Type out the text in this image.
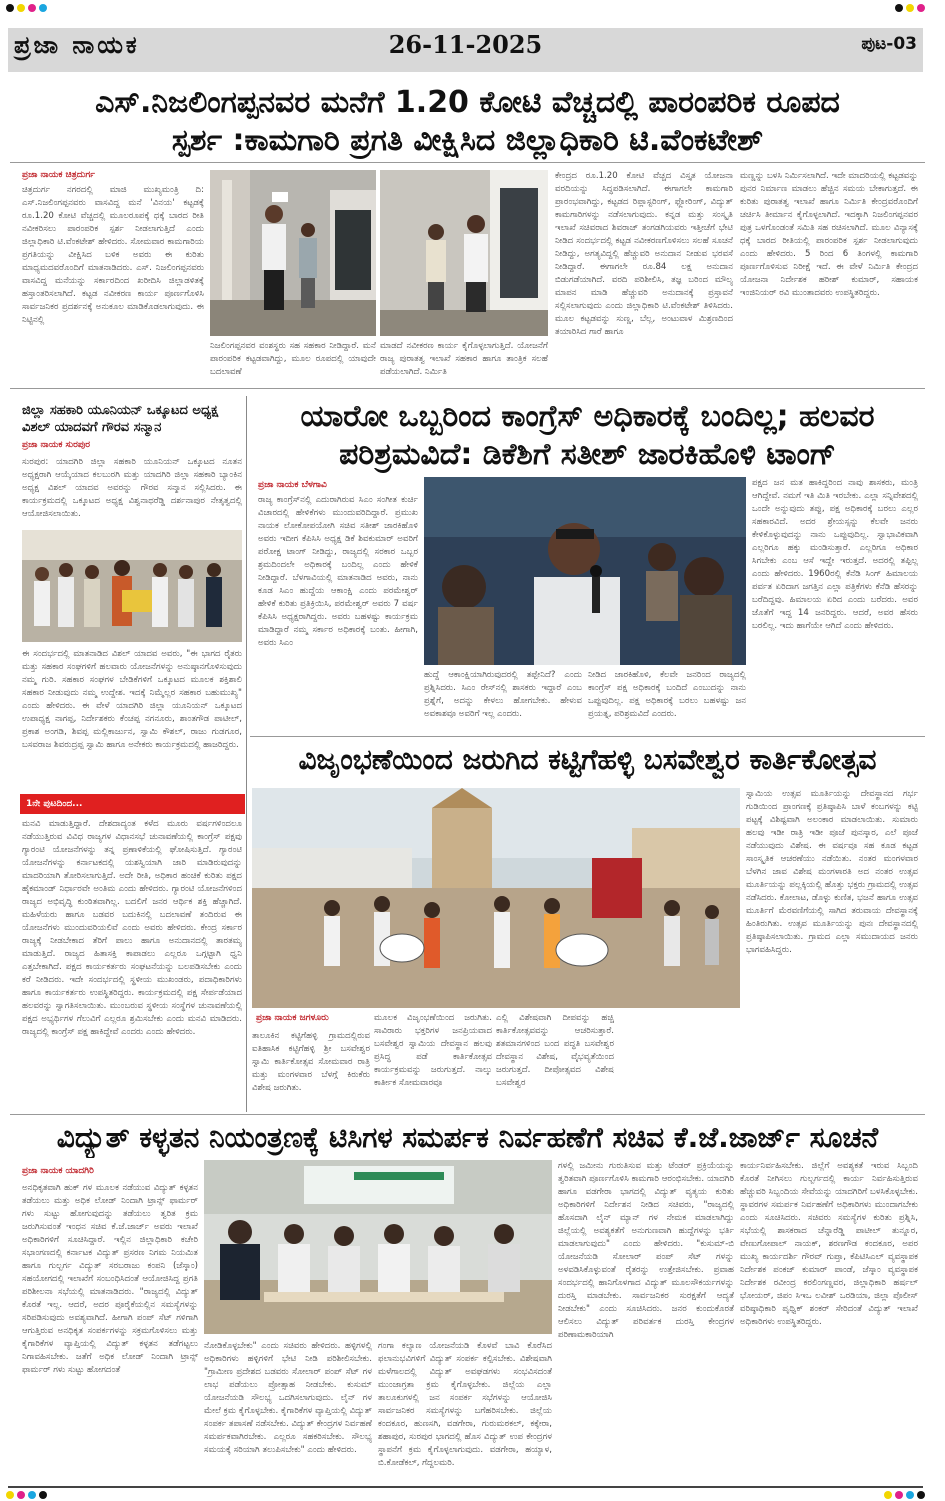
ಪ್ರಜಾ ನಾಯಕ	26-11-2025	ಪುಟ-03
ಎಸ್.ನಿಜಲಿಂಗಪ್ಪನವರ ಮನೆಗೆ 1.20 ಕೋಟಿ ವೆಚ್ಚದಲ್ಲಿ ಪಾರಂಪರಿಕ ರೂಪದ
ಸ್ಪರ್ಶ :ಕಾಮಗಾರಿ ಪ್ರಗತಿ ವೀಕ್ಷಿಸಿದ ಜಿಲ್ಲಾಧಿಕಾರಿ ಟಿ.ವೆಂಕಟೇಶ್
ಪ್ರಜಾ ನಾಯಕ ಚಿತ್ರದುರ್ಗ
ಚಿತ್ರದುರ್ಗ ನಗರದಲ್ಲಿ ಮಾಜಿ ಮುಖ್ಯಮಂತ್ರಿ ದಿ: ಎಸ್.ನಿಜಲಿಂಗಪ್ಪನವರು ವಾಸವಿದ್ದ ಮನೆ 'ವಿನಯ' ಕಟ್ಟಡಕ್ಕೆ ರೂ.1.20 ಕೋಟಿ ವೆಚ್ಚದಲ್ಲಿ ಮೂಲರೂಪಕ್ಕೆ ಧಕ್ಕೆ ಬಾರದ ರೀತಿ ನವೀಕರಿಸಲು ಪಾರಂಪರಿಕ ಸ್ಪರ್ಶ ನೀಡಲಾಗುತ್ತಿದೆ ಎಂದು ಜಿಲ್ಲಾಧಿಕಾರಿ ಟಿ.ವೆಂಕಟೇಶ್ ಹೇಳಿದರು. ಸೋಮವಾರ ಕಾಮಗಾರಿಯ ಪ್ರಗತಿಯನ್ನು ವೀಕ್ಷಿಸಿದ ಬಳಿಕ ಅವರು ಈ ಕುರಿತು ಮಾಧ್ಯಮದವರೊಂದಿಗೆ ಮಾತನಾಡಿದರು. ಎಸ್. ನಿಜಲಿಂಗಪ್ಪನವರು ವಾಸವಿದ್ದ ಮನೆಯನ್ನು ಸರ್ಕಾರದಿಂದ ಖರೀದಿಸಿ ಜಿಲ್ಲಾಡಳಿತಕ್ಕೆ ಹಸ್ತಾಂತರಿಸಲಾಗಿದೆ. ಕಟ್ಟಡ ನವೀಕರಣ ಕಾರ್ಯ ಪೂರ್ಣಗೊಳಿಸಿ ಸಾರ್ವಜನಿಕರ ಪ್ರದರ್ಶನಕ್ಕೆ ಅನುಕೂಲ ಮಾಡಿಕೊಡಲಾಗುವುದು. ಈ ನಿಟ್ಟಿನಲ್ಲಿ
ನಿಜಲಿಂಗಪ್ಪನವರ ವಂಶಸ್ಥರು ಸಹ ಸಹಕಾರ ನೀಡಿದ್ದಾರೆ. ಮನೆ ಪಾರಂಪರಿಕ ಕಟ್ಟಡವಾಗಿದ್ದು, ಮೂಲ ರೂಪದಲ್ಲಿ ಯಾವುದೇ ಬದಲಾವಣೆ
ಮಾಡದೆ ನವೀಕರಣ ಕಾರ್ಯ ಕೈಗೊಳ್ಳಲಾಗುತ್ತಿದೆ. ಯೋಜನೆಗೆ ರಾಜ್ಯ ಪುರಾತತ್ವ ಇಲಾಖೆ ಸಹಕಾರ ಹಾಗೂ ತಾಂತ್ರಿಕ ಸಲಹೆ ಪಡೆಯಲಾಗಿದೆ. ನಿರ್ಮಿತಿ
ಕೇಂದ್ರದ ರೂ.1.20 ಕೋಟಿ ವೆಚ್ಚದ ವಿಸ್ತೃತ ಯೋಜನಾ ವರದಿಯನ್ನು ಸಿದ್ಧಪಡಿಸಲಾಗಿದೆ. ಈಗಾಗಲೇ ಕಾಮಗಾರಿ ಪ್ರಾರಂಭವಾಗಿದ್ದು, ಕಟ್ಟಡದ ರಿಪ್ಲಾಸ್ಟರಿಂಗ್, ಫ್ಲೋರಿಂಗ್, ವಿದ್ಯುತ್ ಕಾಮಗಾರಿಗಳನ್ನು ನಡೆಸಲಾಗುವುದು. ಕನ್ನಡ ಮತ್ತು ಸಂಸ್ಕೃತಿ ಇಲಾಖೆ ಸಚಿವರಾದ ಶಿವರಾಜ್ ತಂಗಡಗಿಯವರು ಇತ್ತೀಚೆಗೆ ಭೇಟಿ ನೀಡಿದ ಸಂದರ್ಭದಲ್ಲಿ ಕಟ್ಟಡ ನವೀಕರಣಗೊಳಿಸಲು ಸಲಹೆ ಸೂಚನೆ ನೀಡಿದ್ದು, ಅಗತ್ಯವಿದ್ದಲ್ಲಿ ಹೆಚ್ಚುವರಿ ಅನುದಾನ ನೀಡುವ ಭರವಸೆ ನೀಡಿದ್ದಾರೆ. ಈಗಾಗಲೇ ರೂ.84 ಲಕ್ಷ ಅನುದಾನ ಬಿಡುಗಡೆಯಾಗಿದೆ. ವರದಿ ಪರಿಶೀಲಿಸಿ, ತಜ್ಞ ಬರಿಂದ ಮೌಲ್ಯ ಮಾಪನ ಮಾಡಿ ಹೆಚ್ಚುವರಿ ಅನುದಾನಕ್ಕೆ ಪ್ರಸ್ತಾವನೆ ಸಲ್ಲಿಸಲಾಗುವುದು ಎಂದು ಜಿಲ್ಲಾಧಿಕಾರಿ ಟಿ.ವೆಂಕಟೇಶ್ ತಿಳಿಸಿದರು. ಮೂಲ ಕಟ್ಟಡವನ್ನು ಸುಣ್ಣ, ಬೆಲ್ಲ, ಅಂಟುವಾಳ ಮಿಶ್ರಣದಿಂದ ತಯಾರಿಸಿದ ಗಾರೆ ಹಾಗೂ
ಮಣ್ಣನ್ನು ಬಳಸಿ ನಿರ್ಮಿಸಲಾಗಿದೆ. ಇದೇ ಮಾದರಿಯಲ್ಲಿ ಕಟ್ಟಡವನ್ನು ಪುನರ ನಿರ್ಮಾಣ ಮಾಡಲು ಹೆಚ್ಚಿನ ಸಮಯ ಬೇಕಾಗುತ್ತದೆ. ಈ ಕುರಿತು ಪುರಾತತ್ವ ಇಲಾಖೆ ಹಾಗೂ ನಿರ್ಮಿತಿ ಕೇಂದ್ರವರೊಂದಿಗೆ ಚರ್ಚಿಸಿ ತೀರ್ಮಾನ ಕೈಗೊಳ್ಳಲಾಗಿದೆ. ಇದಕ್ಕಾಗಿ ನಿಜಲಿಂಗಪ್ಪನವರ ಪುತ್ರ ಒಳಗೊಂಡಂತೆ ಸಮಿತಿ ಸಹ ರಚಿಸಲಾಗಿದೆ. ಮೂಲ ವಿನ್ಯಾಸಕ್ಕೆ ಧಕ್ಕೆ ಬಾರದ ರೀತಿಯಲ್ಲಿ ಪಾರಂಪರಿಕ ಸ್ಪರ್ಶ ನೀಡಲಾಗುವುದು ಎಂದು ಹೇಳಿದರು. 5 ರಿಂದ 6 ತಿಂಗಳಲ್ಲಿ ಕಾಮಗಾರಿ ಪೂರ್ಣಗೊಳಿಸುವ ನಿರೀಕ್ಷೆ ಇದೆ. ಈ ವೇಳೆ ನಿರ್ಮಿತಿ ಕೇಂದ್ರದ ಯೋಜನಾ ನಿರ್ದೇಶಕ ಹರೀಶ್ ಕುಮಾರ್, ಸಹಾಯಕ ಇಂಜಿನಿಯರ್ ರವಿ ಮುಂತಾದವರು ಉಪಸ್ಥಿತರಿದ್ದರು.
ಜಿಲ್ಲಾ ಸಹಕಾರಿ ಯೂನಿಯನ್ ಒಕ್ಕೂಟದ ಅಧ್ಯಕ್ಷ ವಿಶಲ್ ಯಾದವಗೆ ಗೌರವ ಸನ್ಮಾನ
ಪ್ರಜಾ ನಾಯಕ ಸುರಪುರ
ಸುರಪುರ: ಯಾದಗಿರಿ ಜಿಲ್ಲಾ ಸಹಕಾರಿ ಯೂನಿಯನ್ ಒಕ್ಕೂಟದ ನೂತನ ಅಧ್ಯಕ್ಷರಾಗಿ ಆಯ್ಕೆಯಾದ ಕಲಬುರಗಿ ಮತ್ತು ಯಾದಗಿರಿ ಜಿಲ್ಲಾ ಸಹಕಾರಿ ಬ್ಯಾಂಕಿನ ಅಧ್ಯಕ್ಷ ವಿಶಲ್ ಯಾದವ ಅವರನ್ನು ಗೌರವ ಸನ್ಮಾನ ಸಲ್ಲಿಸಿದರು. ಈ ಕಾರ್ಯಕ್ರಮದಲ್ಲಿ ಒಕ್ಕೂಟದ ಅಧ್ಯಕ್ಷ ವಿಶ್ವನಾಥರೆಡ್ಡಿ ದರ್ಶನಾಪುರ ನೇತೃತ್ವದಲ್ಲಿ ಆಯೋಜಿಸಲಾಯಿತು.
ಈ ಸಂದರ್ಭದಲ್ಲಿ ಮಾತನಾಡಿದ ವಿಶಲ್ ಯಾದವ ಅವರು, "ಈ ಭಾಗದ ರೈತರು ಮತ್ತು ಸಹಕಾರ ಸಂಘಗಳಿಗೆ ಹಲವಾರು ಯೋಜನೆಗಳನ್ನು ಅನುಷ್ಠಾನಗೊಳಿಸುವುದು ನಮ್ಮ ಗುರಿ. ಸಹಕಾರ ಸಂಘಗಳ ಬೇಡಿಕೆಗಳಿಗೆ ಒಕ್ಕೂಟದ ಮೂಲಕ ಶಕ್ತಿಶಾಲಿ ಸಹಕಾರ ನೀಡುವುದು ನಮ್ಮ ಉದ್ದೇಶ. ಇದಕ್ಕೆ ನಿಮ್ಮೆಲ್ಲರ ಸಹಕಾರ ಬಹುಮುಖ್ಯ" ಎಂದು ಹೇಳಿದರು. ಈ ವೇಳೆ ಯಾದಗಿರಿ ಜಿಲ್ಲಾ ಯೂನಿಯನ್ ಒಕ್ಕೂಟದ ಉಪಾಧ್ಯಕ್ಷ ನಾಗಪ್ಪ, ನಿರ್ದೇಶಕರು ಕೆಂಚಪ್ಪ ನಗನೂರು, ಶಾಂತಗೌಡ ಪಾಟೀಲ್, ಪ್ರಕಾಶ ಅಂಗಡಿ, ಶಿವಪ್ಪ ಮಲ್ಲಿಕಾರ್ಜುನ, ಸ್ವಾಮಿ ಕೌಶಲ್, ರಾಜು ಗುಡಗೂರ, ಬಸವರಾಜ ಶಿವರುದ್ರಪ್ಪ ಸ್ವಾಮಿ ಹಾಗೂ ಅನೇಕರು ಕಾರ್ಯಕ್ರಮದಲ್ಲಿ ಹಾಜರಿದ್ದರು.
1ನೇ ಪುಟದಿಂದ...
ಮನವಿ ಮಾಡುತ್ತಿದ್ದಾರೆ. ದೇಶದಾದ್ಯಂತ ಕಳೆದ ಮೂರು ವರ್ಷಗಳಿಂದಲೂ ನಡೆಯುತ್ತಿರುವ ವಿವಿಧ ರಾಜ್ಯಗಳ ವಿಧಾನಸಭೆ ಚುನಾವಣೆಯಲ್ಲಿ ಕಾಂಗ್ರೆಸ್ ಪಕ್ಷವು ಗ್ಯಾರಂಟಿ ಯೋಜನೆಗಳನ್ನು ತನ್ನ ಪ್ರಣಾಳಿಕೆಯಲ್ಲಿ ಘೋಷಿಸುತ್ತಿದೆ. ಗ್ಯಾರಂಟಿ ಯೋಜನೆಗಳನ್ನು ಕರ್ನಾಟಕದಲ್ಲಿ ಯಶಸ್ವಿಯಾಗಿ ಜಾರಿ ಮಾಡಿರುವುದನ್ನು ಮಾದರಿಯಾಗಿ ತೋರಿಸಲಾಗುತ್ತಿದೆ. ಅದೇ ರೀತಿ, ಅಧಿಕಾರ ಹಂಚಿಕೆ ಕುರಿತು ಪಕ್ಷದ ಹೈಕಮಾಂಡ್ ನಿರ್ಧಾರವೇ ಅಂತಿಮ ಎಂದು ಹೇಳಿದರು. ಗ್ಯಾರಂಟಿ ಯೋಜನೆಗಳಿಂದ ರಾಜ್ಯದ ಅಭಿವೃದ್ಧಿ ಕುಂಠಿತವಾಗಿಲ್ಲ. ಬದಲಿಗೆ ಜನರ ಆರ್ಥಿಕ ಶಕ್ತಿ ಹೆಚ್ಚಾಗಿದೆ. ಮಹಿಳೆಯರು ಹಾಗೂ ಬಡವರ ಬದುಕಿನಲ್ಲಿ ಬದಲಾವಣೆ ತಂದಿರುವ ಈ ಯೋಜನೆಗಳು ಮುಂದುವರಿಯಲಿವೆ ಎಂದು ಅವರು ಹೇಳಿದರು. ಕೇಂದ್ರ ಸರ್ಕಾರ ರಾಜ್ಯಕ್ಕೆ ನೀಡಬೇಕಾದ ತೆರಿಗೆ ಪಾಲು ಹಾಗೂ ಅನುದಾನದಲ್ಲಿ ತಾರತಮ್ಯ ಮಾಡುತ್ತಿದೆ. ರಾಜ್ಯದ ಹಿತಾಸಕ್ತಿ ಕಾಪಾಡಲು ಎಲ್ಲರೂ ಒಗ್ಗಟ್ಟಾಗಿ ಧ್ವನಿ ಎತ್ತಬೇಕಾಗಿದೆ. ಪಕ್ಷದ ಕಾರ್ಯಕರ್ತರು ಸಂಘಟನೆಯನ್ನು ಬಲಪಡಿಸಬೇಕು ಎಂದು ಕರೆ ನೀಡಿದರು. ಇದೇ ಸಂದರ್ಭದಲ್ಲಿ ಸ್ಥಳೀಯ ಮುಖಂಡರು, ಪದಾಧಿಕಾರಿಗಳು ಹಾಗೂ ಕಾರ್ಯಕರ್ತರು ಉಪಸ್ಥಿತರಿದ್ದರು. ಕಾರ್ಯಕ್ರಮದಲ್ಲಿ ಪಕ್ಷ ಸೇರ್ಪಡೆಯಾದ ಹಲವರನ್ನು ಸ್ವಾಗತಿಸಲಾಯಿತು. ಮುಂಬರುವ ಸ್ಥಳೀಯ ಸಂಸ್ಥೆಗಳ ಚುನಾವಣೆಯಲ್ಲಿ ಪಕ್ಷದ ಅಭ್ಯರ್ಥಿಗಳ ಗೆಲುವಿಗೆ ಎಲ್ಲರೂ ಶ್ರಮಿಸಬೇಕು ಎಂದು ಮನವಿ ಮಾಡಿದರು. ರಾಜ್ಯದಲ್ಲಿ ಕಾಂಗ್ರೆಸ್ ಪಕ್ಷ ಹಾಕಿದ್ದೇವೆ ಎಂದರು ಎಂದು ಹೇಳಿದರು.
ಯಾರೋ ಒಬ್ಬರಿಂದ ಕಾಂಗ್ರೆಸ್ ಅಧಿಕಾರಕ್ಕೆ ಬಂದಿಲ್ಲ; ಹಲವರ
ಪರಿಶ್ರಮವಿದೆ: ಡಿಕೆಶಿಗೆ ಸತೀಶ್ ಜಾರಕಿಹೊಳಿ ಟಾಂಗ್
ಪ್ರಜಾ ನಾಯಕ ಬೆಳಗಾವಿ
ರಾಜ್ಯ ಕಾಂಗ್ರೆಸ್‌ನಲ್ಲಿ ಎದುರಾಗಿರುವ ಸಿಎಂ ಸಂಗೀತ ಕುರ್ಚಿ ವಿಚಾರದಲ್ಲಿ ಹೇಳಿಕೆಗಳು ಮುಂದುವರಿದಿದ್ದಾರೆ. ಪ್ರಮುಖ ನಾಯಕ ಲೋಕೋಪಯೋಗಿ ಸಚಿವ ಸತೀಶ್ ಜಾರಕಿಹೊಳಿ ಅವರು ಇದೀಗ ಕೆಪಿಸಿಸಿ ಅಧ್ಯಕ್ಷ ಡಿಕೆ ಶಿವಕುಮಾರ್ ಅವರಿಗೆ ಪರೋಕ್ಷ ಟಾಂಗ್ ನೀಡಿದ್ದು, ರಾಜ್ಯದಲ್ಲಿ ಸರಕಾರ ಒಬ್ಬರ ಶ್ರಮದಿಂದಲೇ ಅಧಿಕಾರಕ್ಕೆ ಬಂದಿಲ್ಲ ಎಂದು ಹೇಳಿಕೆ ನೀಡಿದ್ದಾರೆ. ಬೆಳಗಾವಿಯಲ್ಲಿ ಮಾತನಾಡಿದ ಅವರು, ನಾನು ಕೂಡ ಸಿಎಂ ಹುದ್ದೆಯ ಆಕಾಂಕ್ಷಿ ಎಂದು ಪರಮೇಶ್ವರ್ ಹೇಳಿಕೆ ಕುರಿತು ಪ್ರತಿಕ್ರಿಯಿಸಿ, ಪರಮೇಶ್ವರ್ ಅವರು 7 ವರ್ಷ ಕೆಪಿಸಿಸಿ ಅಧ್ಯಕ್ಷರಾಗಿದ್ದರು. ಅವರು ಬಹಳಷ್ಟು ಕಾರ್ಯಕ್ರಮ ಮಾಡಿದ್ದಾರೆ ನಮ್ಮ ಸರ್ಕಾರ ಅಧಿಕಾರಕ್ಕೆ ಬಂತು. ಹೀಗಾಗಿ, ಅವರು ಸಿಎಂ
ಹುದ್ದೆ ಆಕಾಂಕ್ಷಿಯಾಗಿರುವುದರಲ್ಲಿ ತಪ್ಪೇನಿದೆ? ಎಂದು ಪ್ರಶ್ನಿಸಿದರು. ಸಿಎಂ ರೇಸ್‌ನಲ್ಲಿ ಶಾಸಕರು ಇದ್ದಾರೆ ಎಂಬ ಪ್ರಶ್ನೆಗೆ, ಅದನ್ನು ಕೇಳಲು ಹೋಗಬೇಕು. ಹೇಳುವ ಅವಕಾಶವೂ ಅವರಿಗೆ ಇಲ್ಲ ಎಂದರು.
ನೀಡಿದ ಜಾರಕಿಹೊಳಿ, ಕೆಲವೇ ಜನರಿಂದ ರಾಜ್ಯದಲ್ಲಿ ಕಾಂಗ್ರೆಸ್ ಪಕ್ಷ ಅಧಿಕಾರಕ್ಕೆ ಬಂದಿದೆ ಎಂಬುದನ್ನು ನಾನು ಒಪ್ಪುವುದಿಲ್ಲ. ಪಕ್ಷ ಅಧಿಕಾರಕ್ಕೆ ಬರಲು ಬಹಳಷ್ಟು ಜನ ಪ್ರಯತ್ನ, ಪರಿಶ್ರಮವಿದೆ ಎಂದರು.
ಪಕ್ಷದ ಜನ ಮತ ಹಾಕಿದ್ದರಿಂದ ನಾವು ಶಾಸಕರು, ಮಂತ್ರಿ ಆಗಿದ್ದೇವೆ. ನಮಗೆ ಇತಿ ಮಿತಿ ಇರಬೇಕು. ಎಲ್ಲಾ ಸನ್ನಿವೇಶದಲ್ಲಿ ಒಂದೇ ಅನ್ನುವುದು ತಪ್ಪು, ಪಕ್ಷ ಅಧಿಕಾರಕ್ಕೆ ಬರಲು ಎಲ್ಲರ ಸಹಕಾರವಿದೆ. ಅದರ ಶ್ರೇಯಸ್ಸನ್ನು ಕೆಲವೇ ಜನರು ಕೇಳಿಕೊಳ್ಳುವುದನ್ನು ನಾನು ಒಪ್ಪುವುದಿಲ್ಲ. ಸ್ವಾಭಾವಿಕವಾಗಿ ಎಲ್ಲರಿಗೂ ಹಕ್ಕು ಮಂಡಿಸುತ್ತಾರೆ. ಎಲ್ಲರಿಗೂ ಅಧಿಕಾರ ಸಿಗಬೇಕು ಎಂಬ ಆಸೆ ಇದ್ದೇ ಇರುತ್ತದೆ. ಅದರಲ್ಲಿ ತಪ್ಪಿಲ್ಲ ಎಂದು ಹೇಳಿದರು. 1960ರಲ್ಲಿ ಕೆನೆಡಿ ಸಿಂಗ್ ಹಿಮಾಲಯ ಪರ್ವತ ಏರಿದಾಗ ಜಗತ್ತಿನ ಎಲ್ಲಾ ಪತ್ರಿಕೆಗಳು ಕೆನೆಡಿ ಹೆಸರನ್ನು ಬರೆದಿದ್ದವು. ಹಿಮಾಲಯ ಏರಿದ ಎಂದು ಬರೆದರು. ಅವರ ಜೊತೆಗೆ ಇದ್ದ 14 ಜನರಿದ್ದರು. ಆದರೆ, ಅವರ ಹೆಸರು ಬರಲಿಲ್ಲ. ಇದು ಹಾಗೆಯೇ ಆಗಿದೆ ಎಂದು ಹೇಳಿದರು.
ವಿಜೃಂಭಣೆಯಿಂದ ಜರುಗಿದ ಕಟ್ಟಿಗೆಹಳ್ಳಿ ಬಸವೇಶ್ವರ ಕಾರ್ತಿಕೋತ್ಸವ
ಪ್ರಜಾ ನಾಯಕ ಜಗಳೂರು
ತಾಲೂಕಿನ ಕಟ್ಟಿಗೆಹಳ್ಳಿ ಗ್ರಾಮದಲ್ಲಿರುವ ಐತಿಹಾಸಿಕ ಕಟ್ಟಿಗೆಹಳ್ಳಿ ಶ್ರೀ ಬಸವೇಶ್ವರ ಸ್ವಾಮಿ ಕಾರ್ತಿಕೋತ್ಸವ ಸೋಮವಾರ ರಾತ್ರಿ ಮತ್ತು ಮಂಗಳವಾರ ಬೆಳಗ್ಗೆ ಕಿರುಕೆರು ವಿಶೇಷ ಜರುಗಿತು.
ಮೂಲಕ ವಿಜೃಂಭಣೆಯಿಂದ ಜರುಗಿತು. ಸಾವಿರಾರು ಭಕ್ತರಿಗಳ ಜನಪ್ರಿಯವಾದ ಬಸವೇಶ್ವರ ಸ್ವಾಮಿಯ ದೇವಸ್ಥಾನ ಹಲವು ಪ್ರಸಿದ್ಧ ಪಡೆ ಕಾರ್ತಿಕೋತ್ಸವ ಕಾರ್ಯಕ್ರಮವನ್ನು ಜರುಗುತ್ತದೆ. ನಾಲ್ಕು ಕಾರ್ತೀಕ ಸೋಮವಾರವೂ
ಎಲ್ಲಿ ವಿಶೇಷವಾಗಿ ದೀಪವನ್ನು ಹಚ್ಚಿ ಕಾರ್ತಿಕೋತ್ಸವವನ್ನು ಆಚರಿಸುತ್ತಾರೆ. ಶತಮಾನಗಳಿಂದ ಬಂದ ಪದ್ಧತಿ ಬಸವೇಶ್ವರ ದೇವಸ್ಥಾನ ವಿಶೇಷ, ವೈಭವ್ಯತೆಯಿಂದ ಜರುಗುತ್ತದೆ. ದೀಪೋತ್ಸವದ ವಿಶೇಷ ಬಸವೇಶ್ವರ
ಸ್ವಾಮಿಯ ಉತ್ಸವ ಮೂರ್ತಿಯನ್ನು ದೇವಸ್ಥಾನದ ಗರ್ಭ ಗುಡಿಯಿಂದ ಪ್ರಾಂಗಣಕ್ಕೆ ಪ್ರತಿಷ್ಠಾಪಿಸಿ ಬಾಳೆ ಕಂಬಗಳನ್ನು ಕಟ್ಟಿ ಪಟ್ಟಕ್ಕೆ ವಿಶಿಷ್ಟವಾಗಿ ಅಲಂಕಾರ ಮಾಡಲಾಯಿತು. ಸುಮಾರು ಹಲವು ಇಡೀ ರಾತ್ರಿ ಇಡೀ ಪೂಜೆ ಪುನಸ್ಕಾರ, ಎಲೆ ಪೂಜೆ ನಡೆಯುವುದು ವಿಶೇಷ. ಈ ವರ್ಷವೂ ಸಹ ಕೂಡ ಕಟ್ಟಡ ಸಾಂಸ್ಕೃತಿಕ ಆಚರಣೆಯು ನಡೆಯಿತು. ನಂತರ ಮಂಗಳವಾರ ಬೆಳಗಿನ ಜಾವ ವಿಶೇಷ ಮಂಗಳಾರತಿ ಅದ ನಂತರ ಉತ್ಸವ ಮೂರ್ತಿಯನ್ನು ಪಲ್ಲಕ್ಕಿಯಲ್ಲಿ ಹೊತ್ತು ಭಕ್ತರು ಗ್ರಾಮದಲ್ಲಿ ಉತ್ಸವ ನಡೆಸಿದರು. ಕೋಲಾಟ, ಡೊಳ್ಳು ಕುಣಿತ, ಭಜನೆ ಹಾಗೂ ಉತ್ಸವ ಮೂರ್ತಿಗೆ ಮೆರವಣಿಗೆಯಲ್ಲಿ ಸಾಗಿದ ತರುವಾಯ ದೇವಸ್ಥಾನಕ್ಕೆ ಹಿಂತಿರುಗಿತು. ಉತ್ಸವ ಮೂರ್ತಿಯನ್ನು ಪುನಃ ದೇವಸ್ಥಾನದಲ್ಲಿ ಪ್ರತಿಷ್ಠಾಪಿಸಲಾಯಿತು. ಗ್ರಾಮದ ಎಲ್ಲಾ ಸಮುದಾಯದ ಜನರು ಭಾಗವಹಿಸಿದ್ದರು.
ವಿದ್ಯುತ್ ಕಳ್ಳತನ ನಿಯಂತ್ರಣಕ್ಕೆ ಟಿಸಿಗಳ ಸಮರ್ಪಕ ನಿರ್ವಹಣೆಗೆ ಸಚಿವ ಕೆ.ಜೆ.ಜಾರ್ಜ್ ಸೂಚನೆ
ಪ್ರಜಾ ನಾಯಕ ಯಾದಗಿರಿ
ಅನಧಿಕೃತವಾಗಿ ಹುಕ್ ಗಳ ಮೂಲಕ ನಡೆಯುವ ವಿದ್ಯುತ್ ಕಳ್ಳತನ ತಡೆಯಲು ಮತ್ತು ಅಧಿಕ ಲೋಡ್ ನಿಂದಾಗಿ ಟ್ರಾನ್ಸ್ ಫಾರ್ಮರ್ ಗಳು ಸುಟ್ಟು ಹೋಗುವುದನ್ನು ತಡೆಯಲು ತ್ವರಿತ ಕ್ರಮ ಜರುಗಿಸುವಂತೆ ಇಂಧನ ಸಚಿವ ಕೆ.ಜೆ.ಜಾರ್ಜ್ ಅವರು ಇಲಾಖೆ ಅಧಿಕಾರಿಗಳಿಗೆ ಸೂಚಿಸಿದ್ದಾರೆ. ಇಲ್ಲಿನ ಜಿಲ್ಲಾಧಿಕಾರಿ ಕಚೇರಿ ಸಭಾಂಗಣದಲ್ಲಿ ಕರ್ನಾಟಕ ವಿದ್ಯುತ್ ಪ್ರಸರಣ ನಿಗಮ ನಿಯಮಿತ ಹಾಗೂ ಗುಲ್ಬರ್ಗ ವಿದ್ಯುತ್ ಸರಬರಾಜು ಕಂಪನಿ (ಜೆಸ್ಕಾಂ) ಸಹಯೋಗದಲ್ಲಿ ಇಲಾಖೆಗೆ ಸಂಬಂಧಿಸಿದಂತೆ ಆಯೋಜಿಸಿದ್ದ ಪ್ರಗತಿ ಪರಿಶೀಲನಾ ಸಭೆಯಲ್ಲಿ ಮಾತನಾಡಿದರು. "ರಾಜ್ಯದಲ್ಲಿ ವಿದ್ಯುತ್ ಕೊರತೆ ಇಲ್ಲ. ಆದರೆ, ಅದರ ಪೂರೈಕೆಯಲ್ಲಿನ ಸಮಸ್ಯೆಗಳನ್ನು ಸರಿಪಡಿಸುವುದು ಅವಶ್ಯವಾಗಿದೆ. ಹೀಗಾಗಿ ಪಂಪ್ ಸೆಟ್ ಗಳಿಗಾಗಿ ಆಗುತ್ತಿರುವ ಅನಧಿಕೃತ ಸಂಪರ್ಕಗಳನ್ನು ಸಕ್ರಮಗೊಳಿಸಲು ಮತ್ತು ಕೈಗಾರಿಕೆಗಳ ವ್ಯಾಪ್ತಿಯಲ್ಲಿ ವಿದ್ಯುತ್ ಕಳ್ಳತನ ತಡೆಗಟ್ಟಲು ನಿಗಾವಹಿಸಬೇಕು. ಜತೆಗೆ ಅಧಿಕ ಲೋಡ್ ನಿಂದಾಗಿ ಟ್ರಾನ್ಸ್ ಫಾರ್ಮರ್ ಗಳು ಸುಟ್ಟು ಹೋಗದಂತೆ
ನೋಡಿಕೊಳ್ಳಬೇಕು" ಎಂದು ಸಚಿವರು ಹೇಳಿದರು. ಹಳ್ಳಿಗಳಲ್ಲಿ ಅಧಿಕಾರಿಗಳು ಹಳ್ಳಿಗಳಿಗೆ ಭೇಟಿ ನೀಡಿ ಪರಿಶೀಲಿಸಬೇಕು. "ಗ್ರಾಮೀಣ ಪ್ರದೇಶದ ಬಡವರು ಸೋಲಾರ್ ಪಂಪ್ ಸೆಟ್ ಗಳ ಲಾಭ ಪಡೆಯಲು ಪ್ರೋತ್ಸಾಹ ನೀಡಬೇಕು. ಕುಸುಮ್ ಯೋಜನೆಯಡಿ ಸೌಲಭ್ಯ ಒದಗಿಸಲಾಗುವುದು. ಲೈನ್ ಗಳ ಮೇಲೆ ಕ್ರಮ ಕೈಗೊಳ್ಳಬೇಕು. ಕೈಗಾರಿಕೆಗಳ ವ್ಯಾಪ್ತಿಯಲ್ಲಿ ವಿದ್ಯುತ್ ಸಂಪರ್ಕ ತಪಾಸಣೆ ನಡೆಸಬೇಕು. ವಿದ್ಯುತ್ ಕೇಂದ್ರಗಳ ನಿರ್ವಹಣೆ ಸಮರ್ಪಕವಾಗಿರಬೇಕು. ಎಲ್ಲರೂ ಸಹಕರಿಸಬೇಕು. ಸೌಲಭ್ಯ ಸಮಯಕ್ಕೆ ಸರಿಯಾಗಿ ತಲುಪಿಸಬೇಕು" ಎಂದು ಹೇಳಿದರು.
ಗಂಗಾ ಕಲ್ಯಾಣ ಯೋಜನೆಯಡಿ ಕೊಳವೆ ಬಾವಿ ಕೊರೆಸಿದ ಫಲಾನುಭವಿಗಳಿಗೆ ವಿದ್ಯುತ್ ಸಂಪರ್ಕ ಕಲ್ಪಿಸಬೇಕು. ವಿಶೇಷವಾಗಿ ಮಳೆಗಾಲದಲ್ಲಿ ವಿದ್ಯುತ್ ಅವಘಡಗಳು ಸಂಭವಿಸದಂತೆ ಮುಂಜಾಗ್ರತಾ ಕ್ರಮ ಕೈಗೊಳ್ಳಬೇಕು. ಜಿಲ್ಲೆಯ ಎಲ್ಲಾ ತಾಲೂಕುಗಳಲ್ಲಿ ಜನ ಸಂಪರ್ಕ ಸಭೆಗಳನ್ನು ಆಯೋಜಿಸಿ ಸಾರ್ವಜನಿಕರ ಸಮಸ್ಯೆಗಳನ್ನು ಬಗೆಹರಿಸಬೇಕು. ಜಿಲ್ಲೆಯ ಕಂದಕೂರ, ಹುಣಸಗಿ, ವಡಗೇರಾ, ಗುರುಮಠಕಲ್, ಕಕ್ಕೇರಾ, ಶಹಾಪುರ, ಸುರಪುರ ಭಾಗದಲ್ಲಿ ಹೊಸ ವಿದ್ಯುತ್ ಉಪ ಕೇಂದ್ರಗಳ ಸ್ಥಾಪನೆಗೆ ಕ್ರಮ ಕೈಗೊಳ್ಳಲಾಗುವುದು. ವಡಗೇರಾ, ಹಯ್ಯಾಳ, ಬಿ.ಕೋಡೆಕಲ್, ಗೆದ್ದಲಮರಿ.
ಗಳಲ್ಲಿ ಜಮೀನು ಗುರುತಿಸುವ ಮತ್ತು ಟೆಂಡರ್ ಪ್ರಕ್ರಿಯೆಯನ್ನು ತ್ವರಿತವಾಗಿ ಪೂರ್ಣಗೊಳಿಸಿ ಕಾಮಗಾರಿ ಆರಂಭಿಸಬೇಕು. ಯಾದಗಿರಿ ಹಾಗೂ ವಡಗೇರಾ ಭಾಗದಲ್ಲಿ ವಿದ್ಯುತ್ ವ್ಯತ್ಯಯ ಕುರಿತು ಅಧಿಕಾರಿಗಳಿಗೆ ನಿರ್ದೇಶನ ನೀಡಿದ ಸಚಿವರು, "ರಾಜ್ಯದಲ್ಲಿ ಹೊಸದಾಗಿ ಲೈನ್ ಮ್ಯಾನ್ ಗಳ ನೇಮಕ ಮಾಡಲಾಗಿದ್ದು ಜಿಲ್ಲೆಯಲ್ಲಿ ಅವಶ್ಯಕತೆಗೆ ಅನುಗುಣವಾಗಿ ಹುದ್ದೆಗಳನ್ನು ಭರ್ತಿ ಮಾಡಲಾಗುವುದು" ಎಂದು ಹೇಳಿದರು. "ಕುಸುಮ್-ಬಿ ಯೋಜನೆಯಡಿ ಸೋಲಾರ್ ಪಂಪ್ ಸೆಟ್ ಗಳನ್ನು ಅಳವಡಿಸಿಕೊಳ್ಳುವಂತೆ ರೈತರನ್ನು ಉತ್ತೇಜಿಸಬೇಕು. ಪ್ರವಾಹ ಸಂದರ್ಭದಲ್ಲಿ ಹಾನಿಗೊಳಗಾದ ವಿದ್ಯುತ್ ಮೂಲಸೌಕರ್ಯಗಳನ್ನು ದುರಸ್ತಿ ಮಾಡಬೇಕು. ಸಾರ್ವಜನಿಕರ ಸುರಕ್ಷತೆಗೆ ಆದ್ಯತೆ ನೀಡಬೇಕು" ಎಂದು ಸೂಚಿಸಿದರು. ಜನರ ಕುಂದುಕೊರತೆ ಆಲಿಸಲು ವಿದ್ಯುತ್ ಪರಿವರ್ತಕ ದುರಸ್ತಿ ಕೇಂದ್ರಗಳ ಪರಿಣಾಮಕಾರಿಯಾಗಿ
ಕಾರ್ಯನಿರ್ವಹಿಸಬೇಕು. ಜಿಲ್ಲೆಗೆ ಅವಶ್ಯಕತೆ ಇರುವ ಸಿಬ್ಬಂದಿ ಕೊರತೆ ನೀಗಿಸಲು ಗುಲ್ಬರ್ಗದಲ್ಲಿ ಕಾರ್ಯ ನಿರ್ವಹಿಸುತ್ತಿರುವ ಹೆಚ್ಚುವರಿ ಸಿಬ್ಬಂದಿಯ ಸೇವೆಯನ್ನು ಯಾದಗಿರಿಗೆ ಬಳಸಿಕೊಳ್ಳಬೇಕು. ಸ್ಥಾವರಗಳ ಸಮರ್ಪಕ ನಿರ್ವಹಣೆಗೆ ಅಧಿಕಾರಿಗಳು ಮುಂದಾಗಬೇಕು ಎಂದು ಸೂಚಿಸಿದರು. ಸಚಿವರು ಸಮಸ್ಯೆಗಳ ಕುರಿತು ಪ್ರಶ್ನಿಸಿ, ಸಭೆಯಲ್ಲಿ ಶಾಸಕರಾದ ಚೆನ್ನಾರೆಡ್ಡಿ ಪಾಟೀಲ್ ತುನ್ನೂರ, ವೇಣುಗೋಪಾಲ್ ನಾಯಕ್, ಶರಣಗೌಡ ಕಂದಕೂರ, ಅಪರ ಮುಖ್ಯ ಕಾರ್ಯದರ್ಶಿ ಗೌರವ್ ಗುಪ್ತಾ, ಕೆಪಿಟಿಸಿಎಲ್ ವ್ಯವಸ್ಥಾಪಕ ನಿರ್ದೇಶಕ ಪಂಕಜ್ ಕುಮಾರ್ ಪಾಂಡೆ, ಜೆಸ್ಕಾಂ ವ್ಯವಸ್ಥಾಪಕ ನಿರ್ದೇಶಕ ರವೀಂದ್ರ ಕರಲಿಂಗಣ್ಣವರ, ಜಿಲ್ಲಾಧಿಕಾರಿ ಹರ್ಷಲ್ ಭೋಯರ್, ಜಿಪಂ ಸಿಇಒ ಲವೀಶ್ ಒರಡಿಯಾ, ಜಿಲ್ಲಾ ಪೊಲೀಸ್ ವರಿಷ್ಠಾಧಿಕಾರಿ ಪೃಥ್ವಿಕ್ ಶಂಕರ್ ಸೇರಿದಂತೆ ವಿದ್ಯುತ್ ಇಲಾಖೆ ಅಧಿಕಾರಿಗಳು ಉಪಸ್ಥಿತರಿದ್ದರು.
